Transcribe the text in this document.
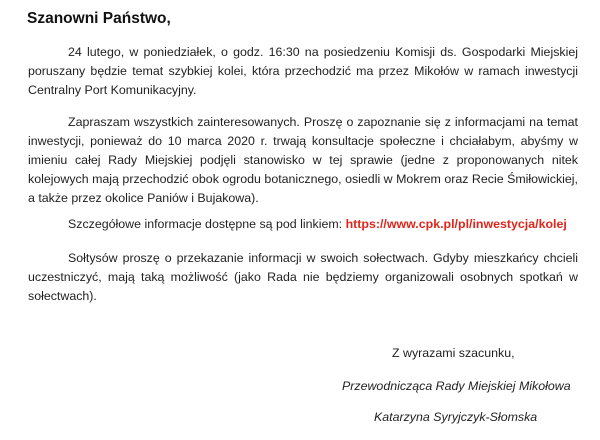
Szanowni Państwo,
24 lutego, w poniedziałek, o godz. 16:30 na posiedzeniu Komisji ds. Gospodarki Miejskiej poruszany będzie temat szybkiej kolei, która przechodzić ma przez Mikołów w ramach inwestycji Centralny Port Komunikacyjny.
Zapraszam wszystkich zainteresowanych. Proszę o zapoznanie się z informacjami na temat inwestycji, ponieważ do 10 marca 2020 r. trwają konsultacje społeczne i chciałabym, abyśmy w imieniu całej Rady Miejskiej podjęli stanowisko w tej sprawie (jedne z proponowanych nitek kolejowych mają przechodzić obok ogrodu botanicznego, osiedli w Mokrem oraz Recie Śmiłowickiej, a także przez okolice Paniów i Bujakowa).
Szczegółowe informacje dostępne są pod linkiem: https://www.cpk.pl/pl/inwestycja/kolej
Sołtysów proszę o przekazanie informacji w swoich sołectwach. Gdyby mieszkańcy chcieli uczestniczyć, mają taką możliwość (jako Rada nie będziemy organizowali osobnych spotkań w sołectwach).
Z wyrazami szacunku,
Przewodnicząca Rady Miejskiej Mikołowa
Katarzyna Syryjczyk-Słomska
